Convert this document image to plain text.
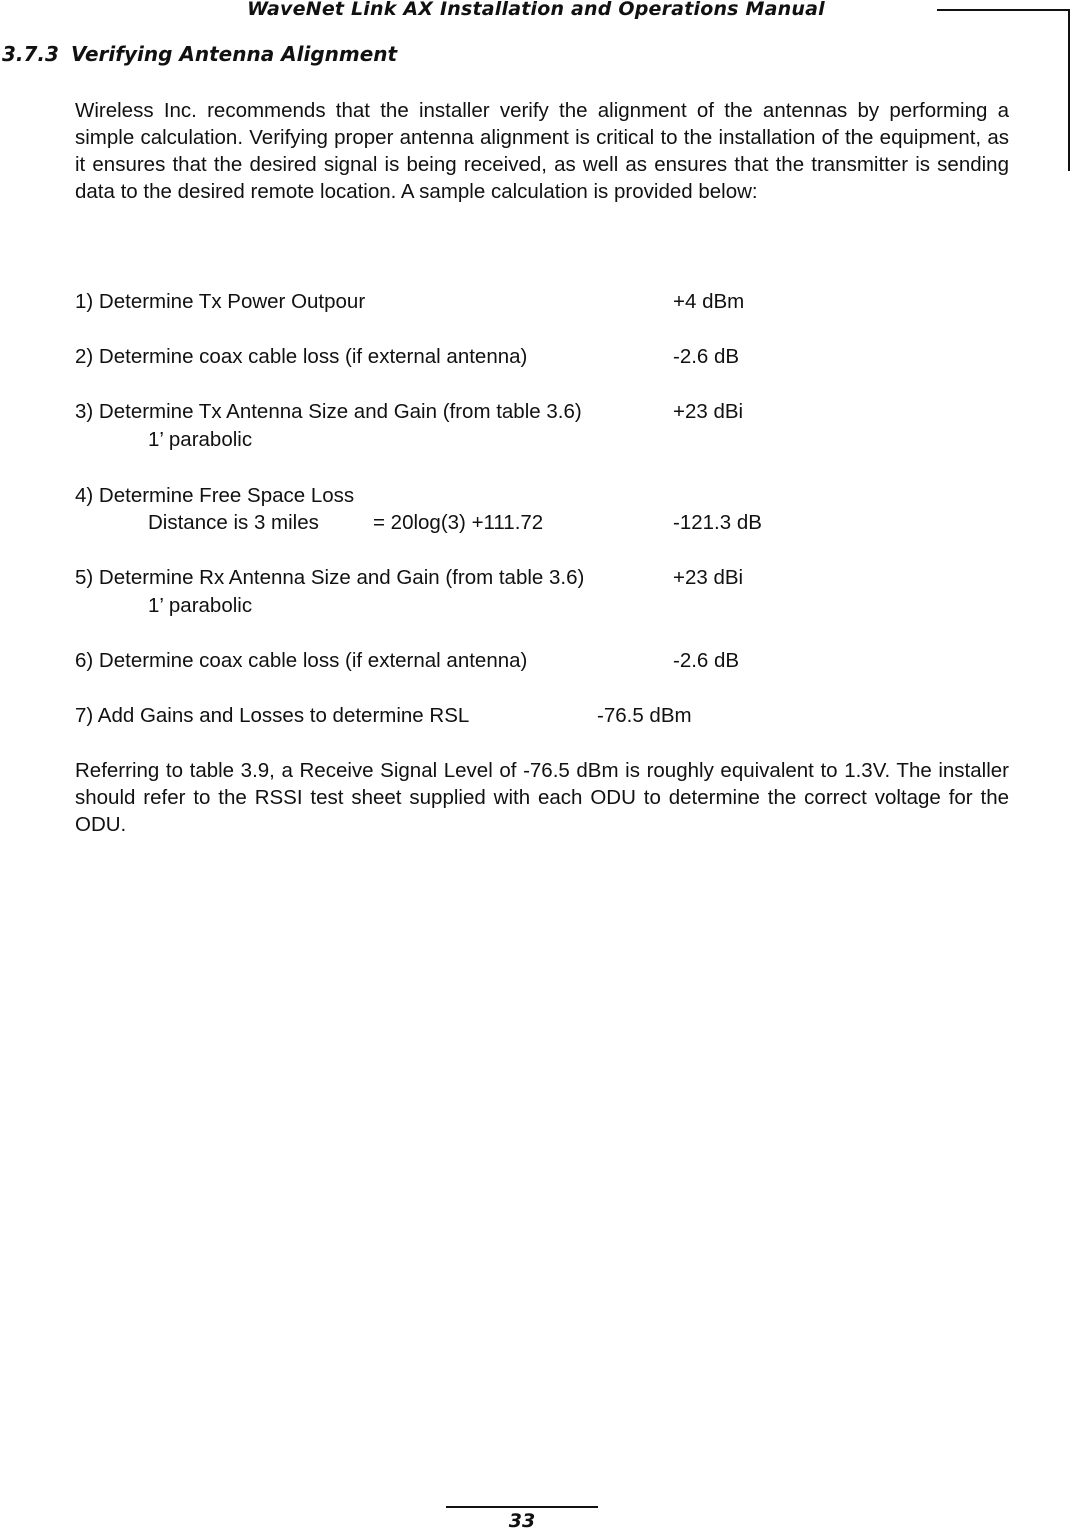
WaveNet Link AX Installation and Operations Manual
3.7.3 Verifying Antenna Alignment
Wireless Inc. recommends that the installer verify the alignment of the antennas by performing a simple calculation. Verifying proper antenna alignment is critical to the installation of the equipment, as it ensures that the desired signal is being received, as well as ensures that the transmitter is sending data to the desired remote location. A sample calculation is provided below:
1) Determine Tx Power Outpour	+4 dBm
2) Determine coax cable loss (if external antenna)	-2.6 dB
3) Determine Tx Antenna Size and Gain (from table 3.6)	+23 dBi
1’ parabolic
4) Determine Free Space Loss
Distance is 3 miles	= 20log(3) +111.72	-121.3 dB
5) Determine Rx Antenna Size and Gain (from table 3.6)	+23 dBi
1’ parabolic
6) Determine coax cable loss (if external antenna)	-2.6 dB
7) Add Gains and Losses to determine RSL	-76.5 dBm
Referring to table 3.9, a Receive Signal Level of -76.5 dBm is roughly equivalent to 1.3V. The installer should refer to the RSSI test sheet supplied with each ODU to determine the correct voltage for the ODU.
33
